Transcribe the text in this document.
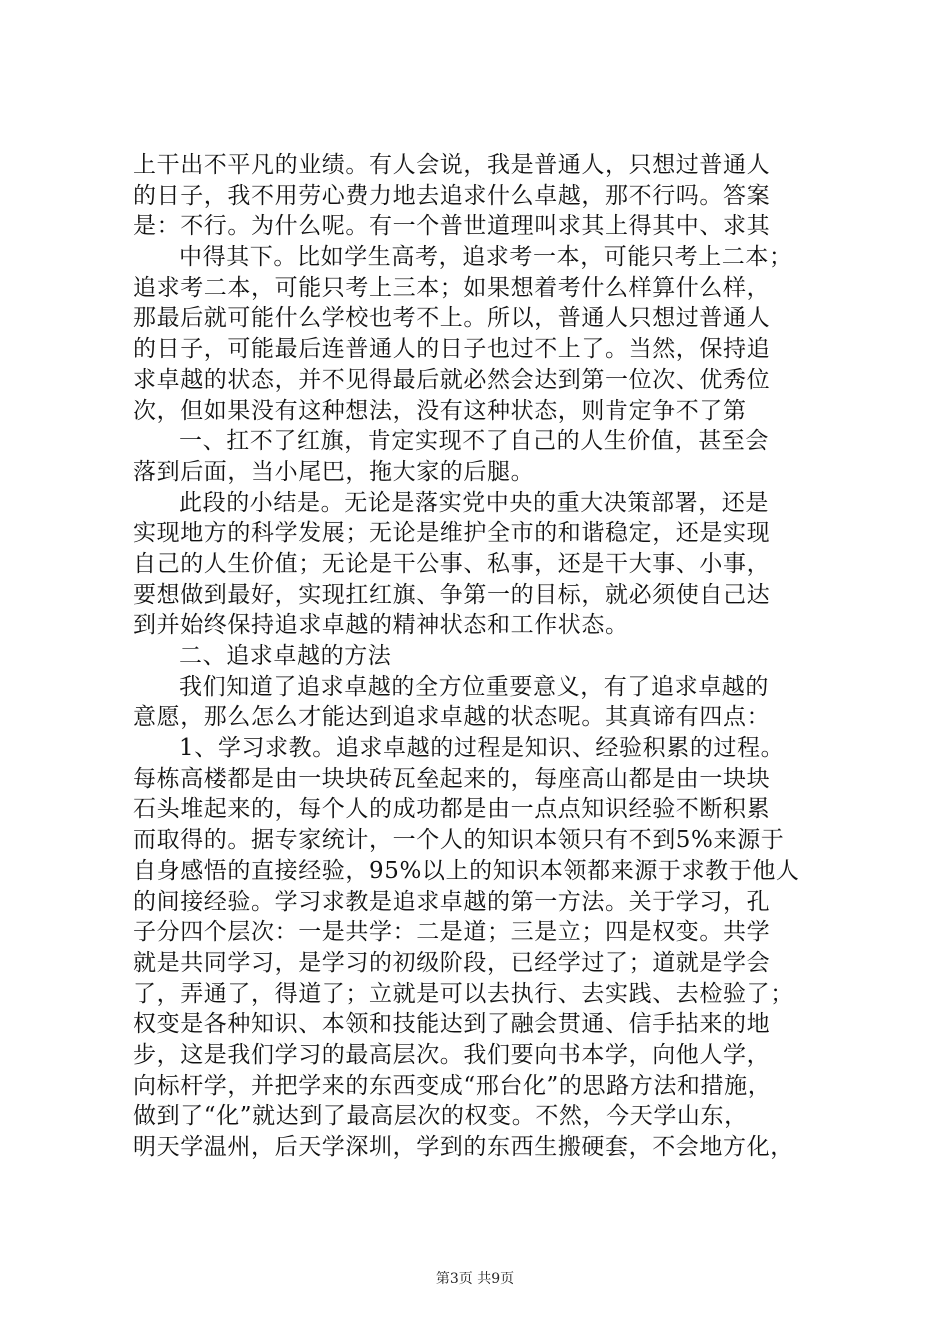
上干出不平凡的业绩。有人会说，我是普通人，只想过普通人
的日子，我不用劳心费力地去追求什么卓越，那不行吗。答案
是：不行。为什么呢。有一个普世道理叫求其上得其中、求其
中得其下。比如学生高考，追求考一本，可能只考上二本；
追求考二本，可能只考上三本；如果想着考什么样算什么样，
那最后就可能什么学校也考不上。所以，普通人只想过普通人
的日子，可能最后连普通人的日子也过不上了。当然，保持追
求卓越的状态，并不见得最后就必然会达到第一位次、优秀位
次，但如果没有这种想法，没有这种状态，则肯定争不了第
一、扛不了红旗，肯定实现不了自己的人生价值，甚至会
落到后面，当小尾巴，拖大家的后腿。
此段的小结是。无论是落实党中央的重大决策部署，还是
实现地方的科学发展；无论是维护全市的和谐稳定，还是实现
自己的人生价值；无论是干公事、私事，还是干大事、小事，
要想做到最好，实现扛红旗、争第一的目标，就必须使自己达
到并始终保持追求卓越的精神状态和工作状态。
二、追求卓越的方法
我们知道了追求卓越的全方位重要意义，有了追求卓越的
意愿，那么怎么才能达到追求卓越的状态呢。其真谛有四点：
1、学习求教。追求卓越的过程是知识、经验积累的过程。
每栋高楼都是由一块块砖瓦垒起来的，每座高山都是由一块块
石头堆起来的，每个人的成功都是由一点点知识经验不断积累
而取得的。据专家统计，一个人的知识本领只有不到5%来源于
自身感悟的直接经验，95%以上的知识本领都来源于求教于他人
的间接经验。学习求教是追求卓越的第一方法。关于学习，孔
子分四个层次：一是共学：二是道；三是立；四是权变。共学
就是共同学习，是学习的初级阶段，已经学过了；道就是学会
了，弄通了，得道了；立就是可以去执行、去实践、去检验了；
权变是各种知识、本领和技能达到了融会贯通、信手拈来的地
步，这是我们学习的最高层次。我们要向书本学，向他人学，
向标杆学，并把学来的东西变成“邢台化”的思路方法和措施，
做到了“化”就达到了最高层次的权变。不然，今天学山东，
明天学温州，后天学深圳，学到的东西生搬硬套，不会地方化，
第3页 共9页
